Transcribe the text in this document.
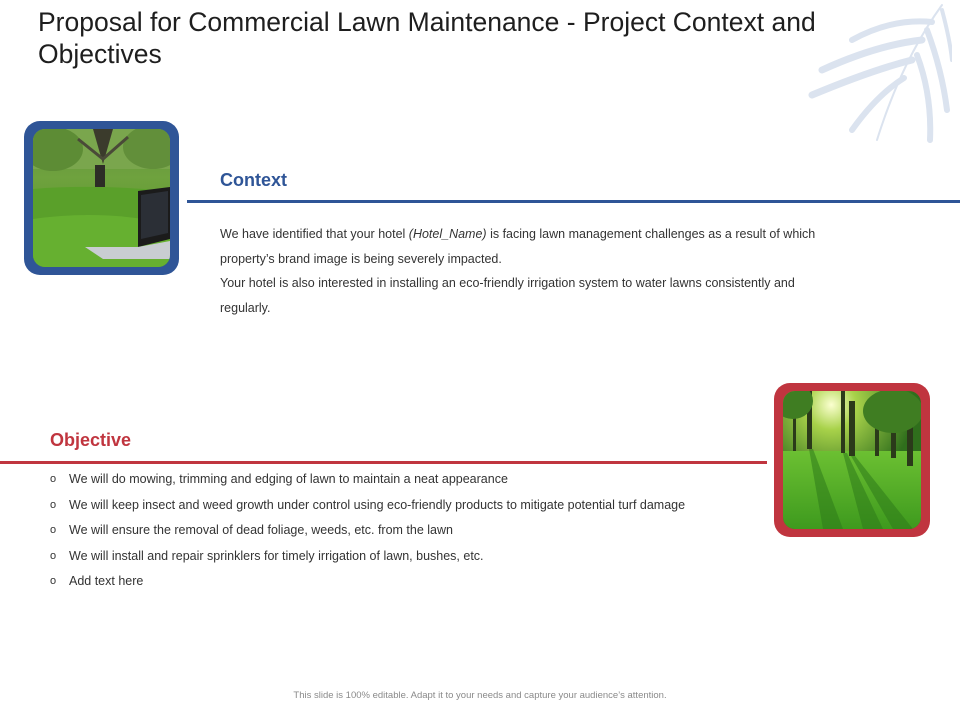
Proposal for Commercial Lawn Maintenance - Project Context and Objectives
Context

We have identified that your hotel (Hotel_Name) is facing lawn management challenges as a result of which property’s brand image is being severely impacted.

Your hotel is also interested in installing an eco-friendly irrigation system to water lawns consistently and regularly.

Objective
o We will do mowing, trimming and edging of lawn to maintain a neat appearance
o We will keep insect and weed growth under control using eco-friendly products to mitigate potential turf damage
o We will ensure the removal of dead foliage, weeds, etc. from the lawn
o We will install and repair sprinklers for timely irrigation of lawn, bushes, etc.
o Add text here
This slide is 100% editable. Adapt it to your needs and capture your audience’s attention.
